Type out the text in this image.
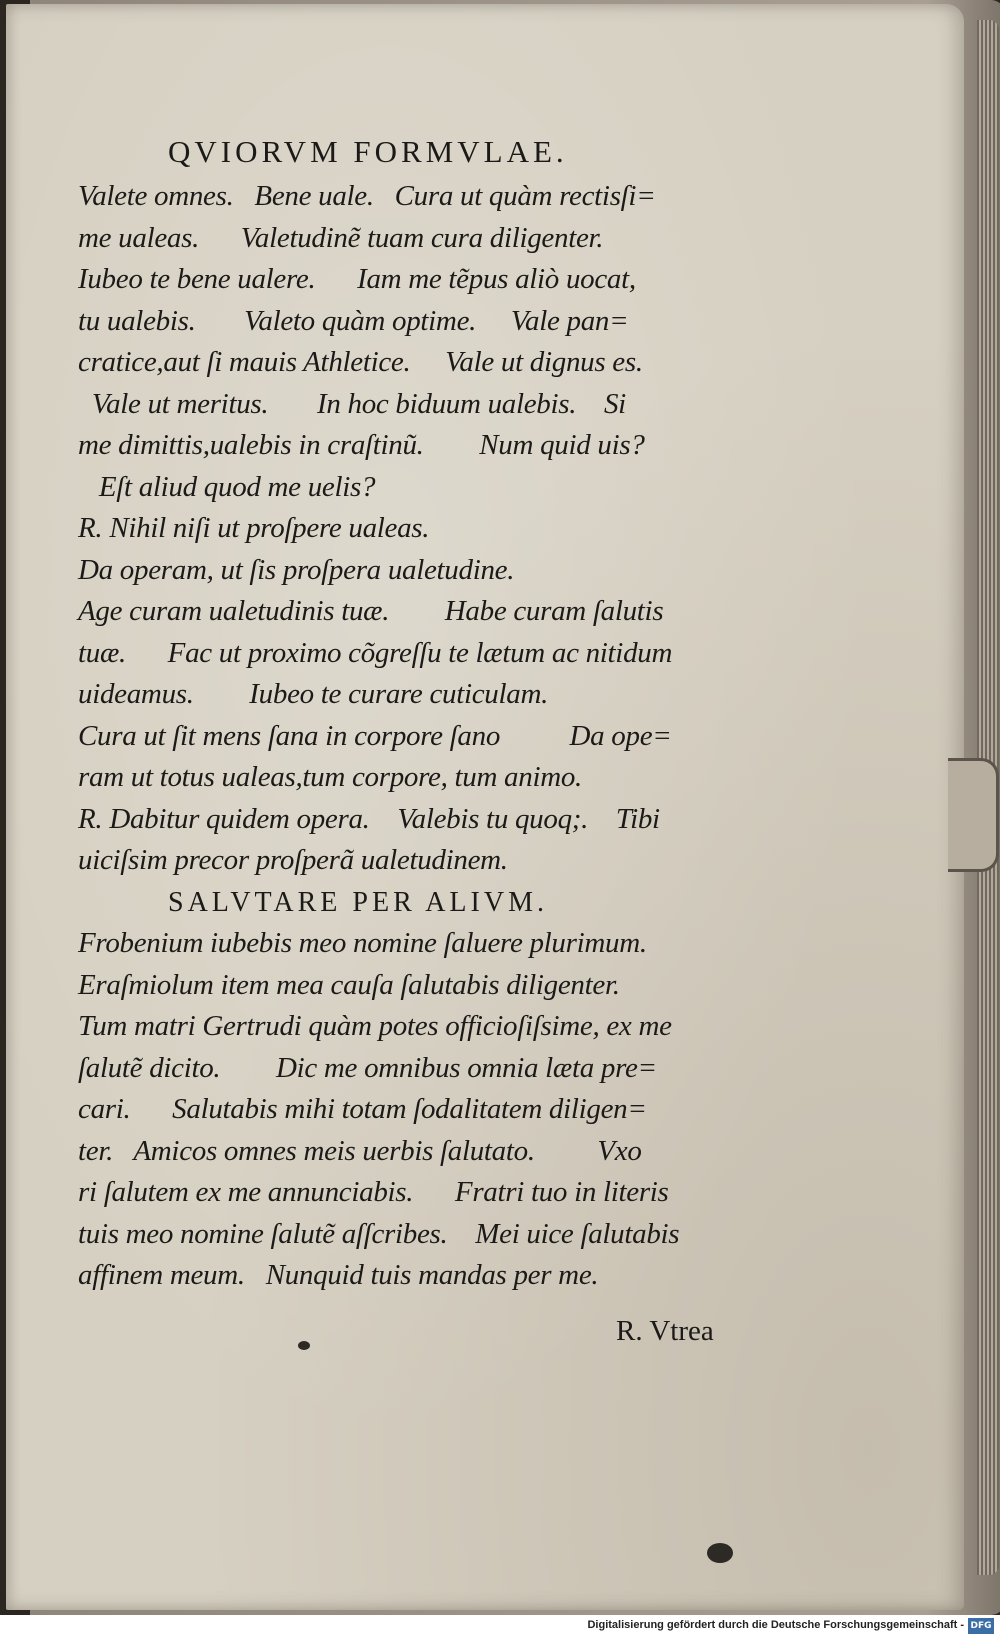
QVIORVM FORMVLAE.
Valete omnes.   Bene uale.   Cura ut quàm rectisſi=
me ualeas.      Valetudinẽ tuam cura diligenter.
Iubeo te bene ualere.      Iam me tẽpus aliò uocat,
tu ualebis.       Valeto quàm optime.     Vale pan=
cratice,aut ſi mauis Athletice.     Vale ut dignus es.
Vale ut meritus.       In hoc biduum ualebis.    Si
me dimittis,ualebis in craſtinũ.        Num quid uis?
Eſt aliud quod me uelis?
R. Nihil niſi ut proſpere ualeas.
Da operam, ut ſis proſpera ualetudine.
Age curam ualetudinis tuæ.        Habe curam ſalutis
tuæ.      Fac ut proximo cõgreſſu te lætum ac nitidum
uideamus.        Iubeo te curare cuticulam.
Cura ut ſit mens ſana in corpore ſano          Da ope=
ram ut totus ualeas,tum corpore, tum animo.
R. Dabitur quidem opera.    Valebis tu quoq;.    Tibi
uiciſsim precor proſperã ualetudinem.
SALVTARE PER ALIVM.
Frobenium iubebis meo nomine ſaluere plurimum.
Eraſmiolum item mea cauſa ſalutabis diligenter.
Tum matri Gertrudi quàm potes officioſiſsime, ex me
ſalutẽ dicito.        Dic me omnibus omnia læta pre=
cari.      Salutabis mihi totam ſodalitatem diligen=
ter.   Amicos omnes meis uerbis ſalutato.         Vxo
ri ſalutem ex me annunciabis.      Fratri tuo in literis
tuis meo nomine ſalutẽ aſſcribes.    Mei uice ſalutabis
affinem meum.   Nunquid tuis mandas per me.
R. Vtrea
Digitalisierung gefördert durch die Deutsche Forschungsgemeinschaft - DFG
